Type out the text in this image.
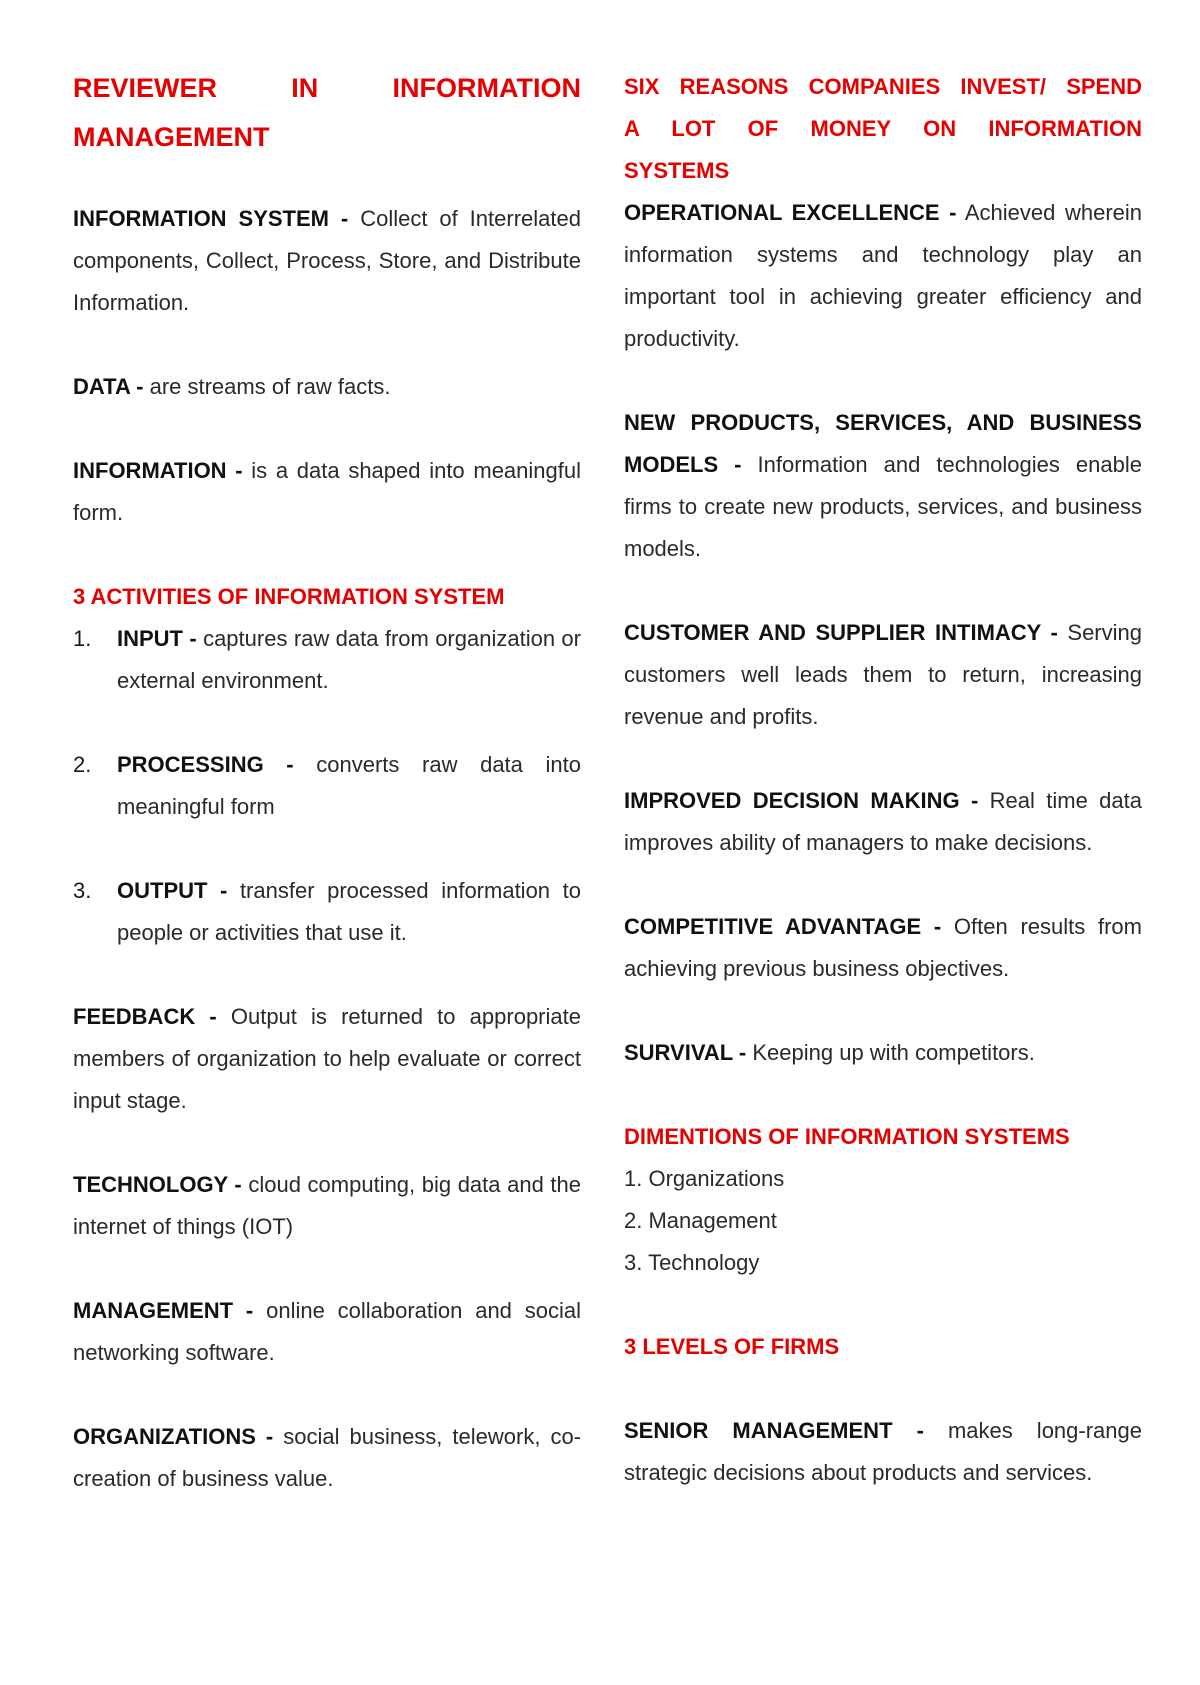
REVIEWER IN INFORMATION
MANAGEMENT

INFORMATION SYSTEM - Collect of Interrelated components, Collect, Process, Store, and Distribute Information.

DATA - are streams of raw facts.

INFORMATION - is a data shaped into meaningful form.

3 ACTIVITIES OF INFORMATION SYSTEM

1. INPUT - captures raw data from organization or external environment.
2. PROCESSING - converts raw data into meaningful form
3. OUTPUT - transfer processed information to people or activities that use it.

FEEDBACK - Output is returned to appropriate members of organization to help evaluate or correct input stage.

TECHNOLOGY - cloud computing, big data and the internet of things (IOT)

MANAGEMENT - online collaboration and social networking software.

ORGANIZATIONS - social business, telework, co-creation of business value.

SIX REASONS COMPANIES INVEST/ SPEND
A LOT OF MONEY ON INFORMATION
SYSTEMS

OPERATIONAL EXCELLENCE - Achieved wherein information systems and technology play an important tool in achieving greater efficiency and productivity.

NEW PRODUCTS, SERVICES, AND BUSINESS MODELS - Information and technologies enable firms to create new products, services, and business models.

CUSTOMER AND SUPPLIER INTIMACY - Serving customers well leads them to return, increasing revenue and profits.

IMPROVED DECISION MAKING - Real time data improves ability of managers to make decisions.

COMPETITIVE ADVANTAGE - Often results from achieving previous business objectives.

SURVIVAL - Keeping up with competitors.

DIMENTIONS OF INFORMATION SYSTEMS

1. Organizations

2. Management

3. Technology

3 LEVELS OF FIRMS

SENIOR MANAGEMENT - makes long-range strategic decisions about products and services.
